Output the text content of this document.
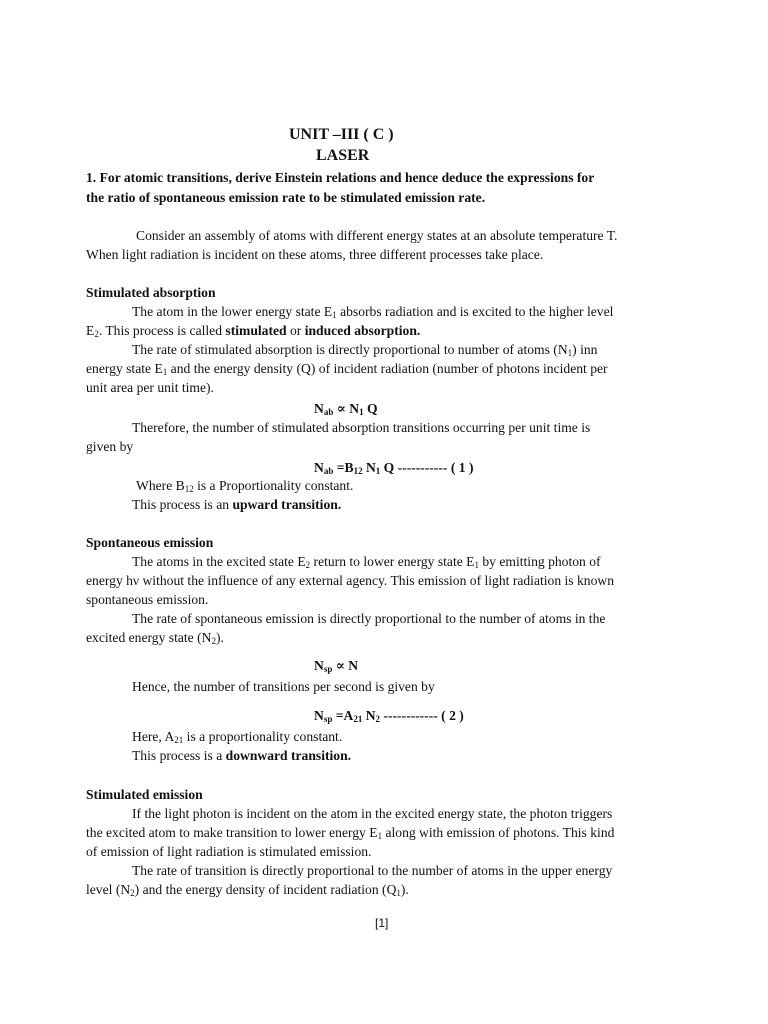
UNIT –III ( C )
LASER
1. For atomic transitions, derive Einstein relations and hence deduce the expressions for
the ratio of spontaneous emission rate to be stimulated emission rate.
Consider an assembly of atoms with different energy states at an absolute temperature T.
When light radiation is incident on these atoms, three different processes take place.
Stimulated absorption
The atom in the lower energy state $E_1$ absorbs radiation and is excited to the higher level
$E_2$. This process is called stimulated or induced absorption.
The rate of stimulated absorption is directly proportional to number of atoms $(N_1)$ inn
energy state $E_1$ and the energy density (Q) of incident radiation (number of photons incident per
unit area per unit time).
$N_{ab} \propto N_1$ Q
Therefore, the number of stimulated absorption transitions occurring per unit time is
given by
$N_{ab} =B_{12}$ $N_1$ Q ----------- ( 1 )
Where $B_{12}$ is a Proportionality constant.
This process is an upward transition.
Spontaneous emission
The atoms in the excited state $E_2$ return to lower energy state $E_1$ by emitting photon of
energy hν without the influence of any external agency. This emission of light radiation is known
spontaneous emission.
The rate of spontaneous emission is directly proportional to the number of atoms in the
excited energy state $(N_2)$.
$N_{sp} \propto N$
Hence, the number of transitions per second is given by
$N_{sp} =A_{21}$ $N_2$ ------------ ( 2 )
Here, $A_{21}$ is a proportionality constant.
This process is a downward transition.
Stimulated emission
If the light photon is incident on the atom in the excited energy state, the photon triggers
the excited atom to make transition to lower energy $E_1$ along with emission of photons. This kind
of emission of light radiation is stimulated emission.
The rate of transition is directly proportional to the number of atoms in the upper energy
level $(N_2)$ and the energy density of incident radiation $(Q_1)$.
[1]
